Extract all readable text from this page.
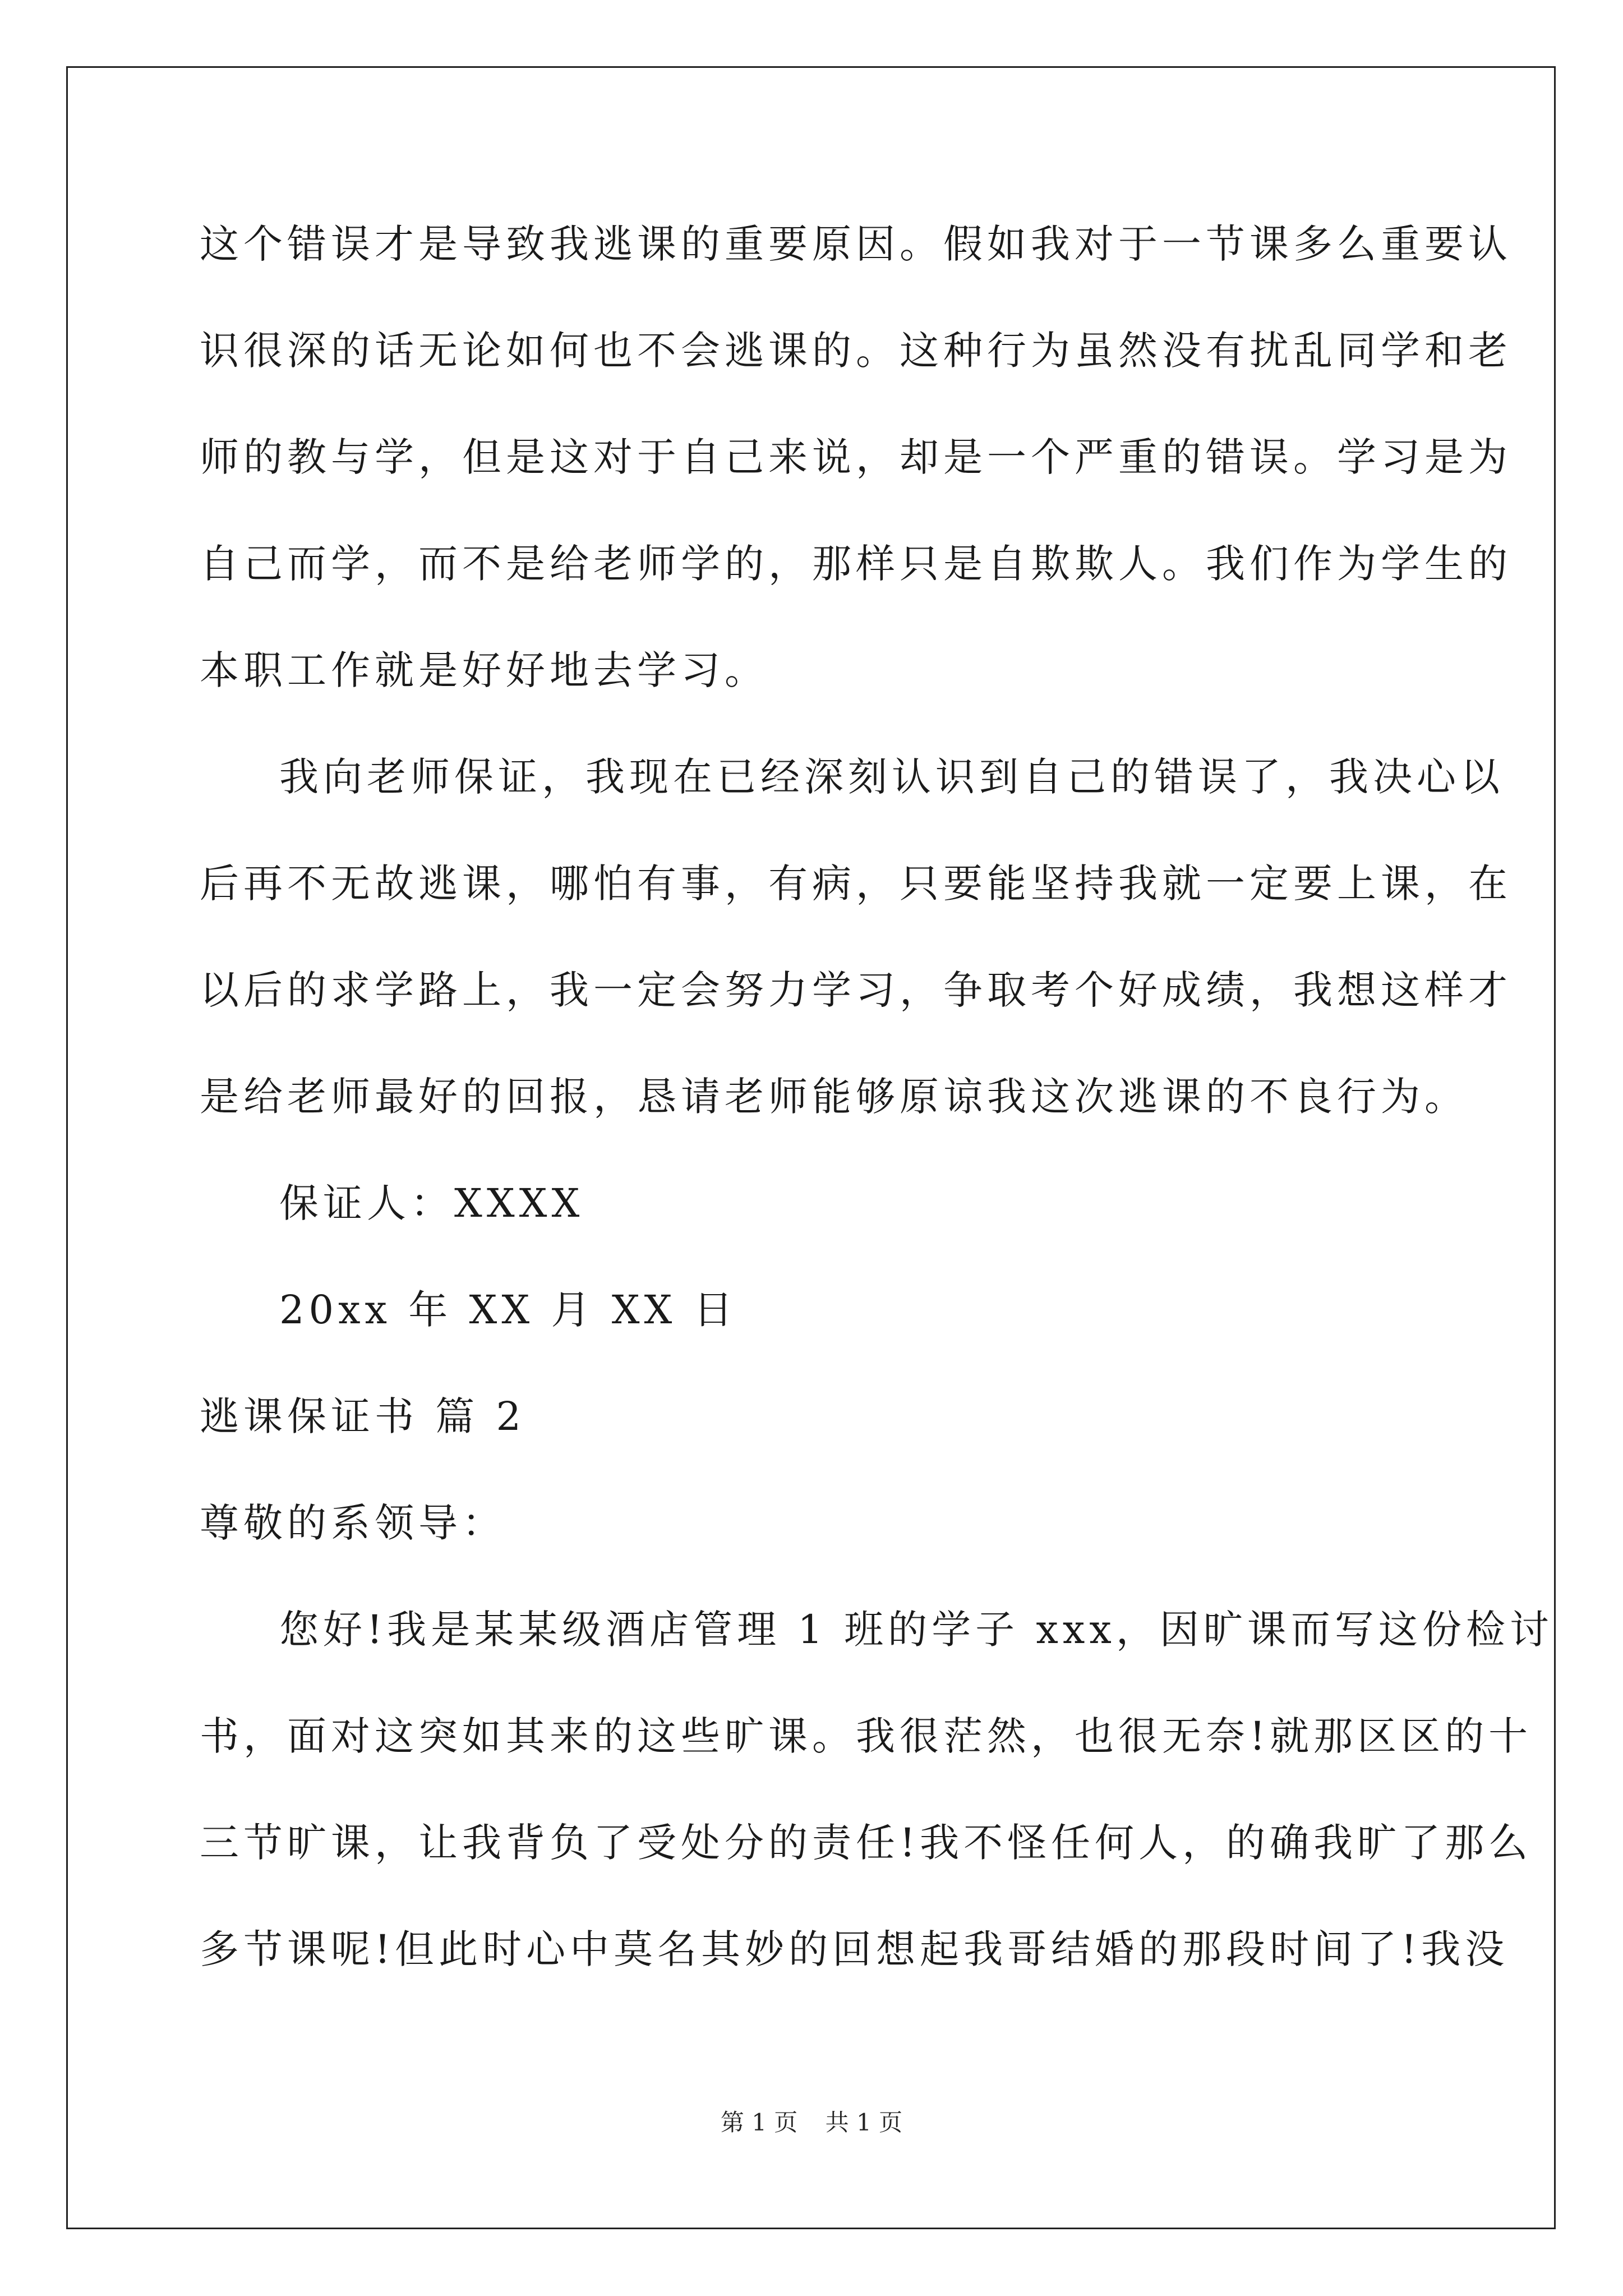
这个错误才是导致我逃课的重要原因。假如我对于一节课多么重要认
识很深的话无论如何也不会逃课的。这种行为虽然没有扰乱同学和老
师的教与学，但是这对于自己来说，却是一个严重的错误。学习是为
自己而学，而不是给老师学的，那样只是自欺欺人。我们作为学生的
本职工作就是好好地去学习。
我向老师保证，我现在已经深刻认识到自己的错误了，我决心以
后再不无故逃课，哪怕有事，有病，只要能坚持我就一定要上课，在
以后的求学路上，我一定会努力学习，争取考个好成绩，我想这样才
是给老师最好的回报，恳请老师能够原谅我这次逃课的不良行为。
保证人：XXXX
20xx 年 XX 月 XX 日
逃课保证书 篇 2
尊敬的系领导：
您好!我是某某级酒店管理 1 班的学子 xxx，因旷课而写这份检讨
书，面对这突如其来的这些旷课。我很茫然，也很无奈!就那区区的十
三节旷课，让我背负了受处分的责任!我不怪任何人，的确我旷了那么
多节课呢!但此时心中莫名其妙的回想起我哥结婚的那段时间了!我没
第 1 页 共 1 页
